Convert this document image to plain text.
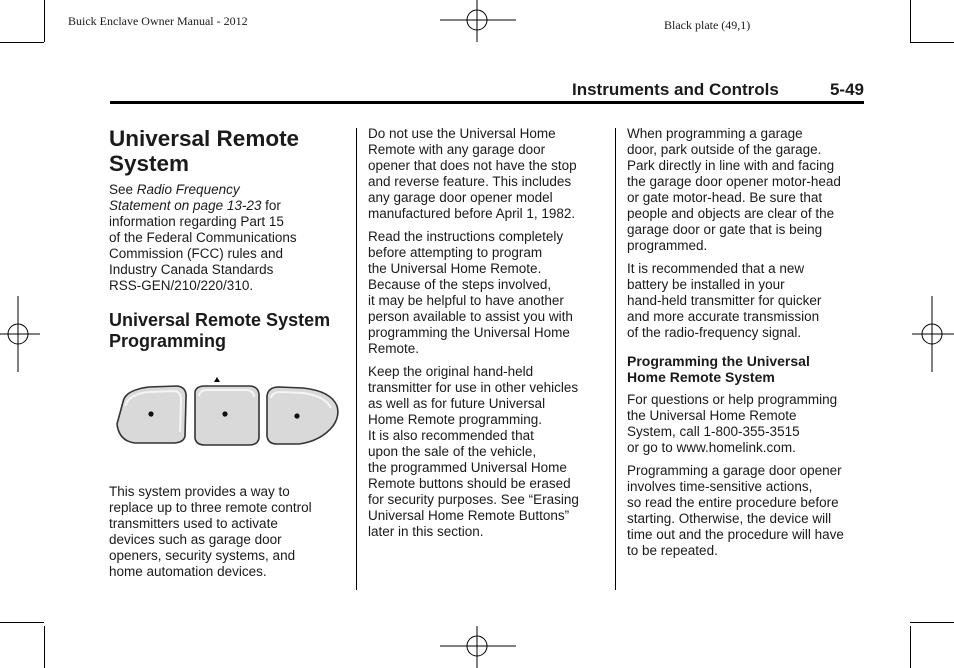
Buick Enclave Owner Manual - 2012	Black plate (49,1)
Instruments and Controls	5-49
Universal Remote
System

See Radio Frequency
Statement on page 13-23 for
information regarding Part 15
of the Federal Communications
Commission (FCC) rules and
Industry Canada Standards
RSS-GEN/210/220/310.

Universal Remote System
Programming

This system provides a way to
replace up to three remote control
transmitters used to activate
devices such as garage door
openers, security systems, and
home automation devices.

Do not use the Universal Home
Remote with any garage door
opener that does not have the stop
and reverse feature. This includes
any garage door opener model
manufactured before April 1, 1982.

Read the instructions completely
before attempting to program
the Universal Home Remote.
Because of the steps involved,
it may be helpful to have another
person available to assist you with
programming the Universal Home
Remote.

Keep the original hand-held
transmitter for use in other vehicles
as well as for future Universal
Home Remote programming.
It is also recommended that
upon the sale of the vehicle,
the programmed Universal Home
Remote buttons should be erased
for security purposes. See “Erasing
Universal Home Remote Buttons”
later in this section.

When programming a garage
door, park outside of the garage.
Park directly in line with and facing
the garage door opener motor-head
or gate motor-head. Be sure that
people and objects are clear of the
garage door or gate that is being
programmed.

It is recommended that a new
battery be installed in your
hand-held transmitter for quicker
and more accurate transmission
of the radio-frequency signal.

Programming the Universal
Home Remote System

For questions or help programming
the Universal Home Remote
System, call 1-800-355-3515
or go to www.homelink.com.

Programming a garage door opener
involves time-sensitive actions,
so read the entire procedure before
starting. Otherwise, the device will
time out and the procedure will have
to be repeated.
